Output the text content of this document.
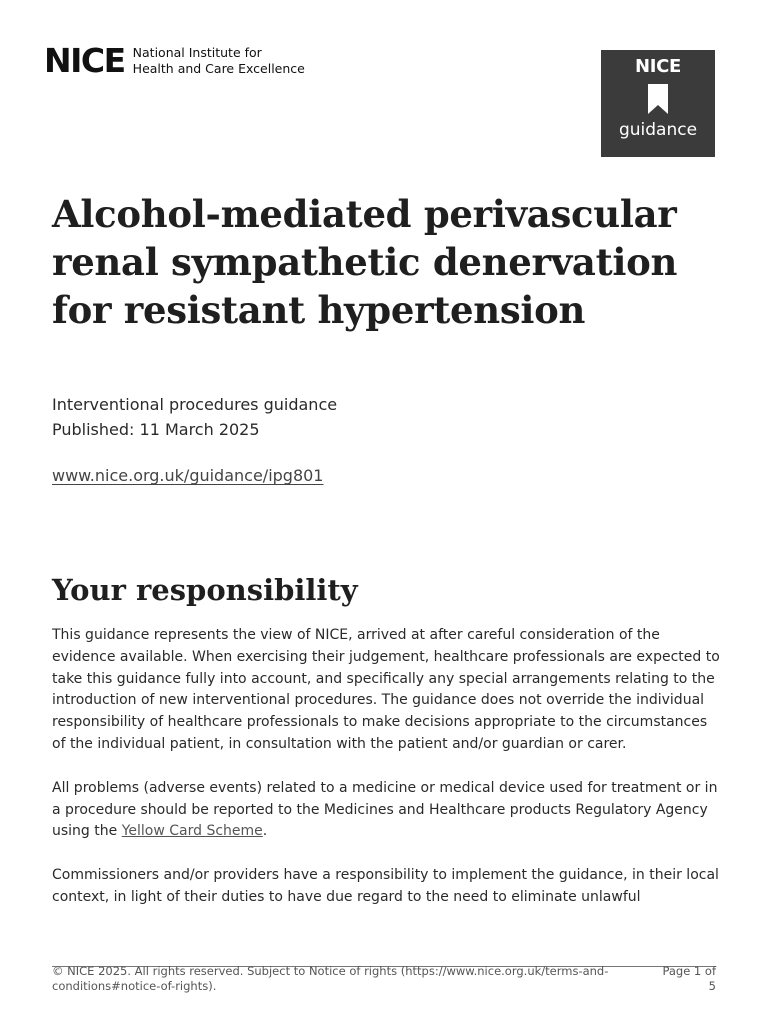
NICE National Institute for
Health and Care Excellence	NICE
guidance
Alcohol-mediated perivascular renal sympathetic denervation for resistant hypertension
Interventional procedures guidance
Published: 11 March 2025
www.nice.org.uk/guidance/ipg801
Your responsibility

This guidance represents the view of NICE, arrived at after careful consideration of the evidence available. When exercising their judgement, healthcare professionals are expected to take this guidance fully into account, and specifically any special arrangements relating to the introduction of new interventional procedures. The guidance does not override the individual responsibility of healthcare professionals to make decisions appropriate to the circumstances of the individual patient, in consultation with the patient and/or guardian or carer.

All problems (adverse events) related to a medicine or medical device used for treatment or in a procedure should be reported to the Medicines and Healthcare products Regulatory Agency using the Yellow Card Scheme.

Commissioners and/or providers have a responsibility to implement the guidance, in their local context, in light of their duties to have due regard to the need to eliminate unlawful

© NICE 2025. All rights reserved. Subject to Notice of rights (https://www.nice.org.uk/terms-and-conditions#notice-of-rights).
Page 1 of 5
